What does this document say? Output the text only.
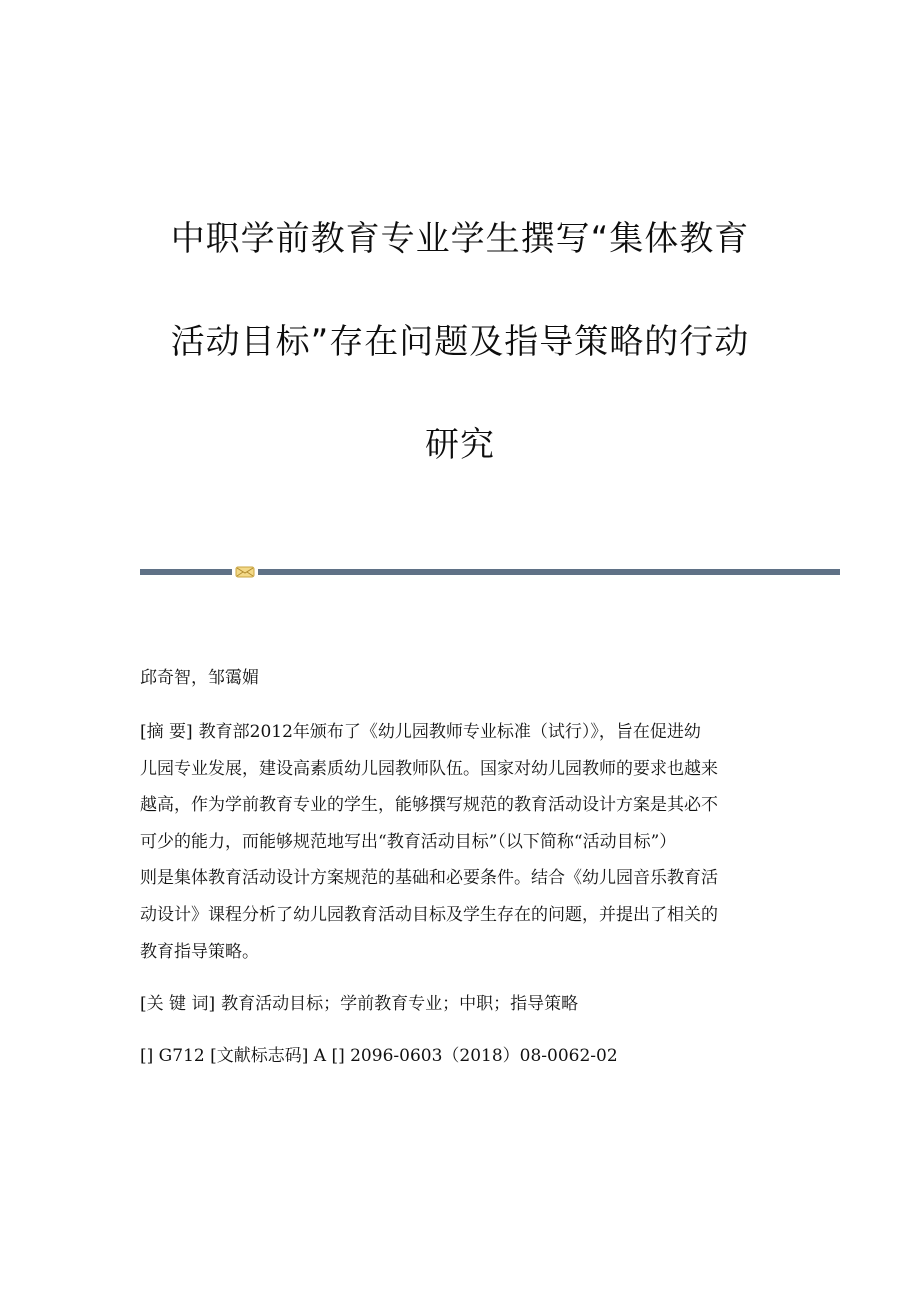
中职学前教育专业学生撰写“集体教育
活动目标”存在问题及指导策略的行动
研究
邱奇智，邹霭媚
[摘 要] 教育部2012年颁布了《幼儿园教师专业标准（试行）》，旨在促进幼
儿园专业发展，建设高素质幼儿园教师队伍。国家对幼儿园教师的要求也越来
越高，作为学前教育专业的学生，能够撰写规范的教育活动设计方案是其必不
可少的能力，而能够规范地写出“教育活动目标”（以下简称“活动目标”）
则是集体教育活动设计方案规范的基础和必要条件。结合《幼儿园音乐教育活
动设计》课程分析了幼儿园教育活动目标及学生存在的问题，并提出了相关的
教育指导策略。
[关 键 词] 教育活动目标；学前教育专业；中职；指导策略
[] G712 [文献标志码] A [] 2096-0603（2018）08-0062-02
